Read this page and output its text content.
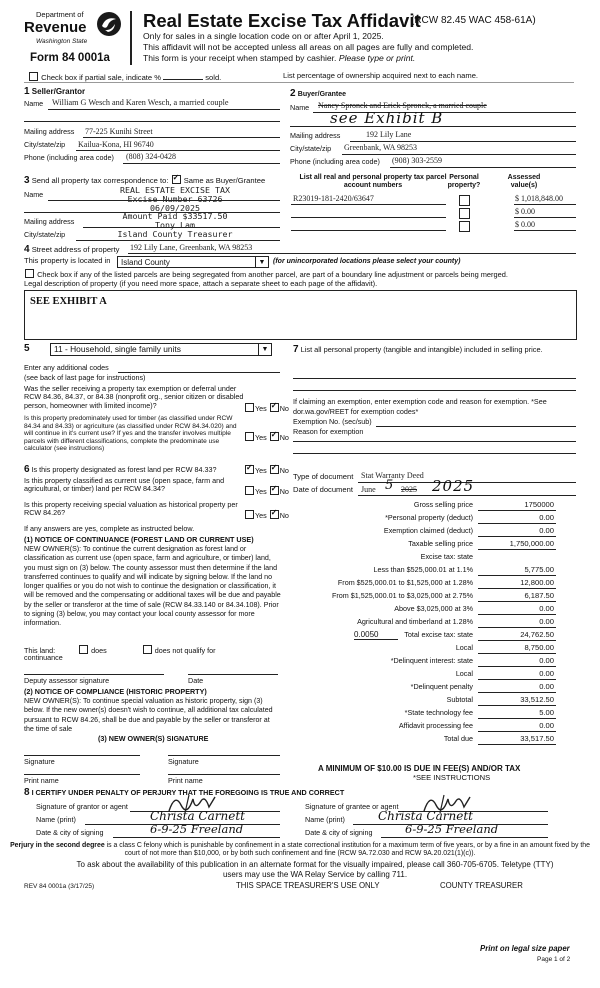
Department of
Revenue
Washington State
Form 84 0001a
Real Estate Excise Tax Affidavit
(RCW 82.45 WAC 458-61A)
Only for sales in a single location code on or after April 1, 2025.
This affidavit will not be accepted unless all areas on all pages are fully and completed.
This form is your receipt when stamped by cashier. Please type or print.
Check box if partial sale, indicate %	sold.	List percentage of ownership acquired next to each name.
1 Seller/Grantor
Name William G Wesch and Karen Wesch, a married couple
Mailing address 77-225 Kunihi Street
City/state/zip Kailua-Kona, HI 96740
Phone (including area code) (808) 324-0428
2 Buyer/Grantee
Name Nancy Spronck and Erick Spronck, a married couple
see Exhibit B
Mailing address	192 Lily Lane
City/state/zip Greenbank, WA 98253
Phone (including area code) (908) 303-2559
3 Send all property tax correspondence to: ✓ Same as Buyer/Grantee
Name
Mailing address
City/state/zip
REAL ESTATE EXCISE TAX
Excise Number 63726
06/09/2025
Amount Paid $33517.50
Tony Lam
Island County Treasurer
List all real and personal property tax parcel account numbers
Personal property?
Assessed value(s)
R23019-181-2420/63647	$ 1,018,848.00
$ 0.00
$ 0.00
4 Street address of property 192 Lily Lane, Greenbank, WA 98253
This property is located in	Island County	▼	(for unincorporated locations please select your county)
Check box if any of the listed parcels are being segregated from another parcel, are part of a boundary line adjustment or parcels being merged.
Legal description of property (if you need more space, attach a separate sheet to each page of the affidavit).
SEE EXHIBIT A
5	11 - Household, single family units	▼
Enter any additional codes
(see back of last page for instructions)
Was the seller receiving a property tax exemption or deferral under RCW 84.36, 84.37, or 84.38 (nonprofit org., senior citizen or disabled person, homeowner with limited income)?	Yes ✓ No
Is this property predominately used for timber (as classified under RCW 84.34 and 84.33) or agriculture (as classified under RCW 84.34.020) and will continue in it's current use? If yes and the transfer involves multiple parcels with different classifications, complete the predominate use calculator (see instructions)
Yes ✓ No
6 Is this property designated as forest land per RCW 84.33? ✓	Yes ✓ No
Is this property classified as current use (open space, farm and agricultural, or timber) land per RCW 84.34?	Yes ✓ No
Is this property receiving special valuation as historical property per RCW 84.26?	Yes ✓ No
If any answers are yes, complete as instructed below.
(1) NOTICE OF CONTINUANCE (FOREST LAND OR CURRENT USE)
NEW OWNER(S): To continue the current designation as forest land or classification as current use (open space, farm and agriculture, or timber) land, you must sign on (3) below. The county assessor must then determine if the land transferred continues to qualify and will indicate by signing below. If the land no longer qualifies or you do not wish to continue the designation or classification, it will be removed and the compensating or additional taxes will be due and payable by the seller or transferor at the time of sale (RCW 84.33.140 or 84.34.108). Prior to signing (3) below, you may contact your local county assessor for more information.
This land:	does	does not qualify for
continuance
Deputy assessor signature	Date
(2) NOTICE OF COMPLIANCE (HISTORIC PROPERTY)
NEW OWNER(S): To continue special valuation as historic property, sign (3) below. If the new owner(s) doesn't wish to continue, all additional tax calculated pursuant to RCW 84.26, shall be due and payable by the seller or transferor at the time of sale
(3) NEW OWNER(S) SIGNATURE
Signature	Signature
Print name	Print name
7 List all personal property (tangible and intangible) included in selling price.
If claiming an exemption, enter exemption code and reason for exemption. *See dor.wa.gov/REET for exemption codes*
Exemption No. (sec/sub)
Reason for exemption
Type of document Stat Warranty Deed
Date of document June 5 2025 2025
Gross selling price	1750000
*Personal property (deduct)	0.00
Exemption claimed (deduct)	0.00
Taxable selling price	1,750,000.00
Excise tax: state
Less than $525,000.01 at 1.1%	5,775.00
From $525,000.01 to $1,525,000 at 1.28%	12,800.00
From $1,525,000.01 to $3,025,000 at 2.75%	6,187.50
Above $3,025,000 at 3%	0.00
Agricultural and timberland at 1.28%	0.00
Total excise tax: state	24,762.50
Local	8,750.00
*Delinquent interest: state	0.00
Local	0.00
*Delinquent penalty	0.00
Subtotal	33,512.50
*State technology fee	5.00
Affidavit processing fee	0.00
Total due	33,517.50
0.0050
A MINIMUM OF $10.00 IS DUE IN FEE(S) AND/OR TAX
*SEE INSTRUCTIONS
8 I CERTIFY UNDER PENALTY OF PERJURY THAT THE FOREGOING IS TRUE AND CORRECT
Signature of grantor or agent
Name (print)	Christa Carnett
Date & city of signing	6-9-25 Freeland
Signature of grantee or agent
Name (print)	Christa Carnett
Date & city of signing	6-9-25 Freeland
Perjury in the second degree is a class C felony which is punishable by confinement in a state correctional institution for a maximum term of five years, or by a fine in an amount fixed by the court of not more than $10,000, or by both such confinement and fine (RCW 9A.72.030 and RCW 9A.20.021(1)(c)).
To ask about the availability of this publication in an alternate format for the visually impaired, please call 360-705-6705. Teletype (TTY) users may use the WA Relay Service by calling 711.
REV 84 0001a (3/17/25)	THIS SPACE TREASURER'S USE ONLY	COUNTY TREASURER
Print on legal size paper
Page 1 of 2
